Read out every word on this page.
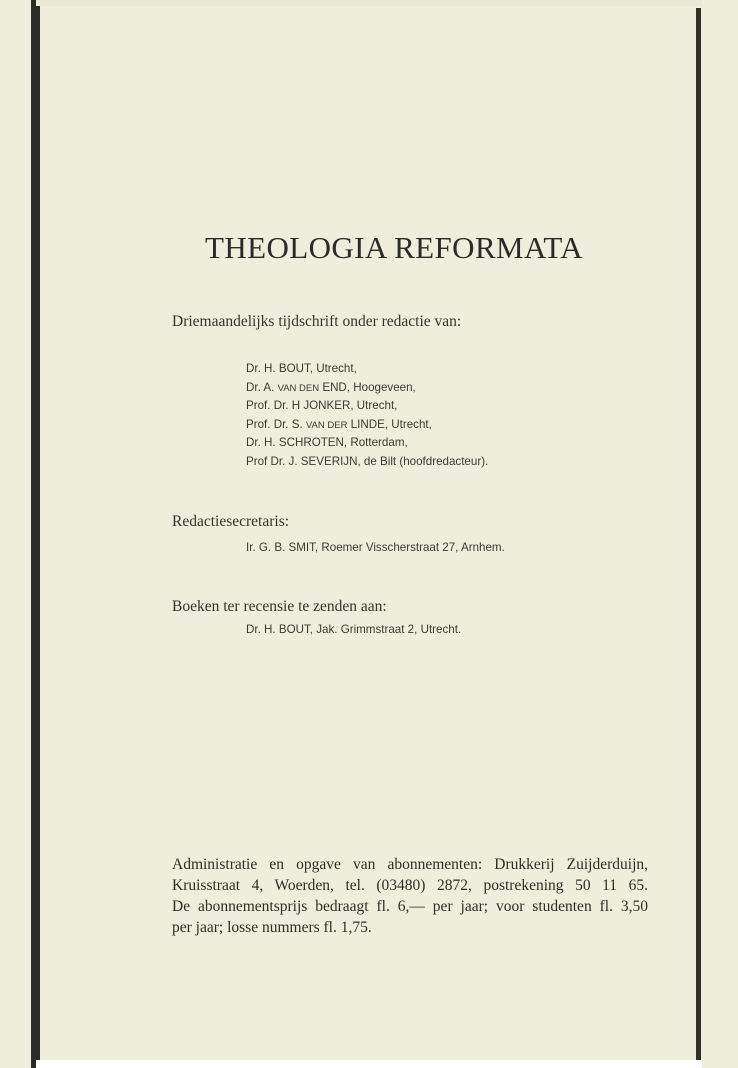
THEOLOGIA REFORMATA
Driemaandelijks tijdschrift onder redactie van:
Dr. H. BOUT, Utrecht,
Dr. A. VAN DEN END, Hoogeveen,
Prof. Dr. H JONKER, Utrecht,
Prof. Dr. S. VAN DER LINDE, Utrecht,
Dr. H. SCHROTEN, Rotterdam,
Prof Dr. J. SEVERIJN, de Bilt (hoofdredacteur).
Redactiesecretaris:
Ir. G. B. SMIT, Roemer Visscherstraat 27, Arnhem.
Boeken ter recensie te zenden aan:
Dr. H. BOUT, Jak. Grimmstraat 2, Utrecht.

Administratie en opgave van abonnementen: Drukkerij Zuijderduijn,
Kruisstraat 4, Woerden, tel. (03480) 2872, postrekening 50 11 65.
De abonnementsprijs bedraagt fl. 6,— per jaar; voor studenten fl. 3,50
per jaar; losse nummers fl. 1,75.
